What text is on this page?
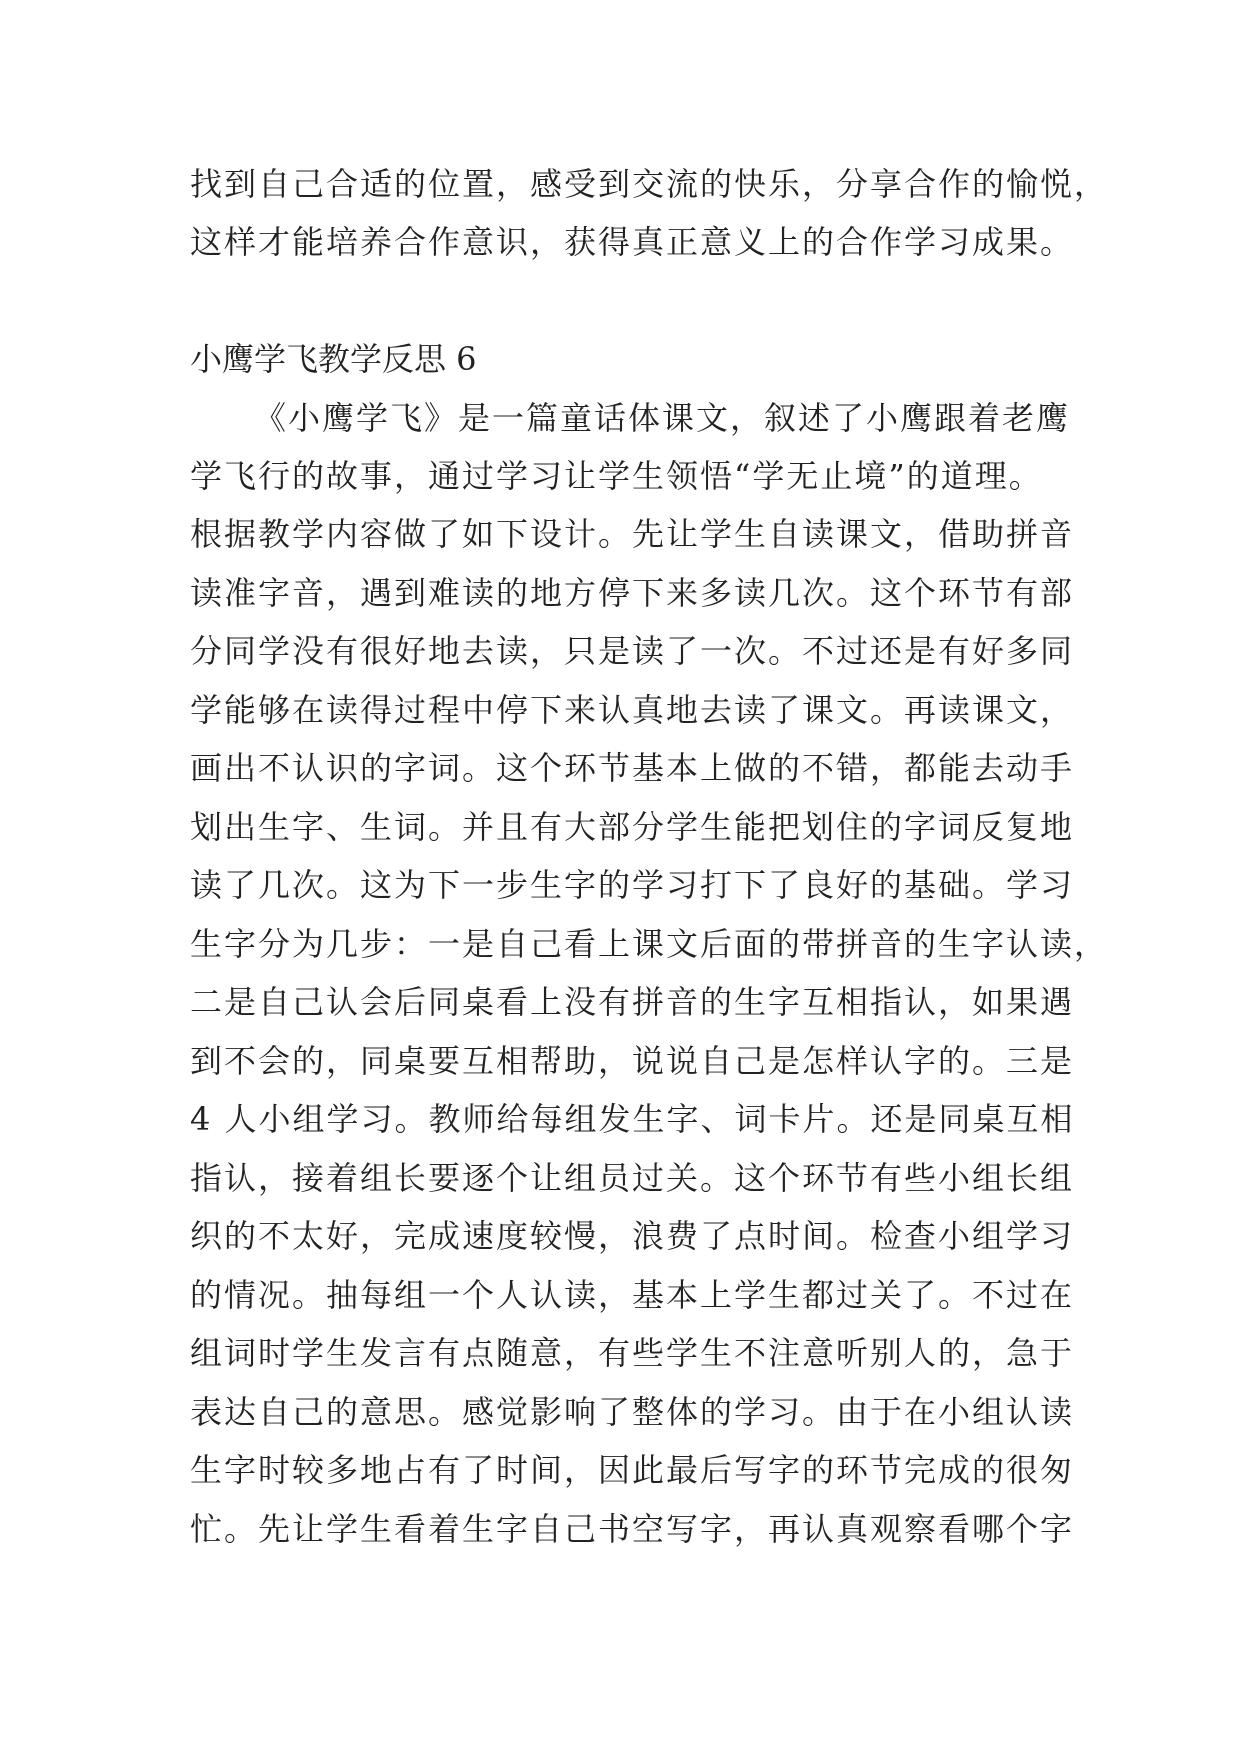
找到自己合适的位置，感受到交流的快乐，分享合作的愉悦，

这样才能培养合作意识，获得真正意义上的合作学习成果。

小鹰学飞教学反思 6

《小鹰学飞》是一篇童话体课文，叙述了小鹰跟着老鹰

学飞行的故事，通过学习让学生领悟“学无止境”的道理。

根据教学内容做了如下设计。先让学生自读课文，借助拼音

读准字音，遇到难读的地方停下来多读几次。这个环节有部

分同学没有很好地去读，只是读了一次。不过还是有好多同

学能够在读得过程中停下来认真地去读了课文。再读课文，

画出不认识的字词。这个环节基本上做的不错，都能去动手

划出生字、生词。并且有大部分学生能把划住的字词反复地

读了几次。这为下一步生字的学习打下了良好的基础。学习

生字分为几步：一是自己看上课文后面的带拼音的生字认读，

二是自己认会后同桌看上没有拼音的生字互相指认，如果遇

到不会的，同桌要互相帮助，说说自己是怎样认字的。三是

4 人小组学习。教师给每组发生字、词卡片。还是同桌互相

指认，接着组长要逐个让组员过关。这个环节有些小组长组

织的不太好，完成速度较慢，浪费了点时间。检查小组学习

的情况。抽每组一个人认读，基本上学生都过关了。不过在

组词时学生发言有点随意，有些学生不注意听别人的，急于

表达自己的意思。感觉影响了整体的学习。由于在小组认读

生字时较多地占有了时间，因此最后写字的环节完成的很匆

忙。先让学生看着生字自己书空写字，再认真观察看哪个字
